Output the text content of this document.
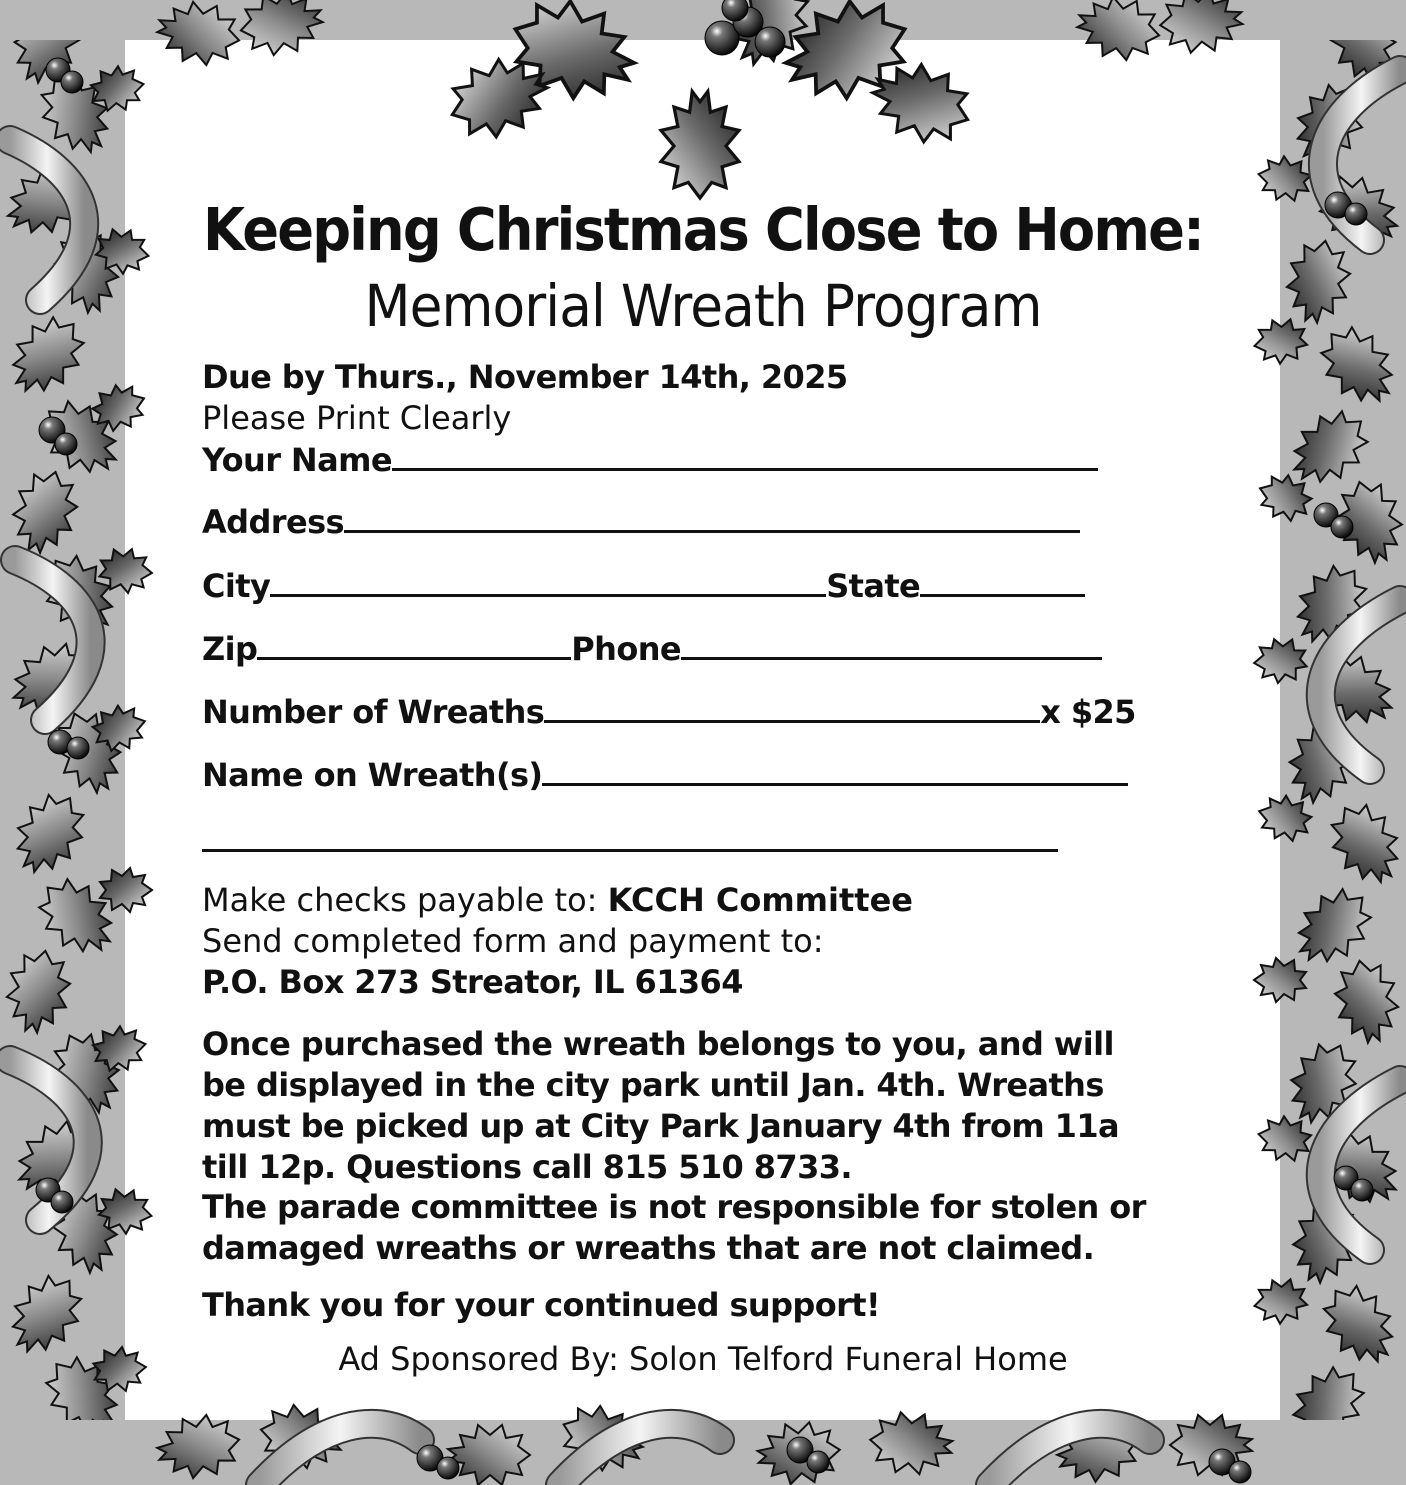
Keeping Christmas Close to Home:
Memorial Wreath Program
Due by Thurs., November 14th, 2025
Please Print Clearly
Your Name
Address
City	State
Zip	Phone
Number of Wreaths	x $25
Name on Wreath(s)
Make checks payable to: KCCH Committee
Send completed form and payment to:
P.O. Box 273 Streator, IL 61364
Once purchased the wreath belongs to you, and will be displayed in the city park until Jan. 4th. Wreaths must be picked up at City Park January 4th from 11a till 12p. Questions call 815 510 8733.
The parade committee is not responsible for stolen or damaged wreaths or wreaths that are not claimed.
Thank you for your continued support!
Ad Sponsored By: Solon Telford Funeral Home
